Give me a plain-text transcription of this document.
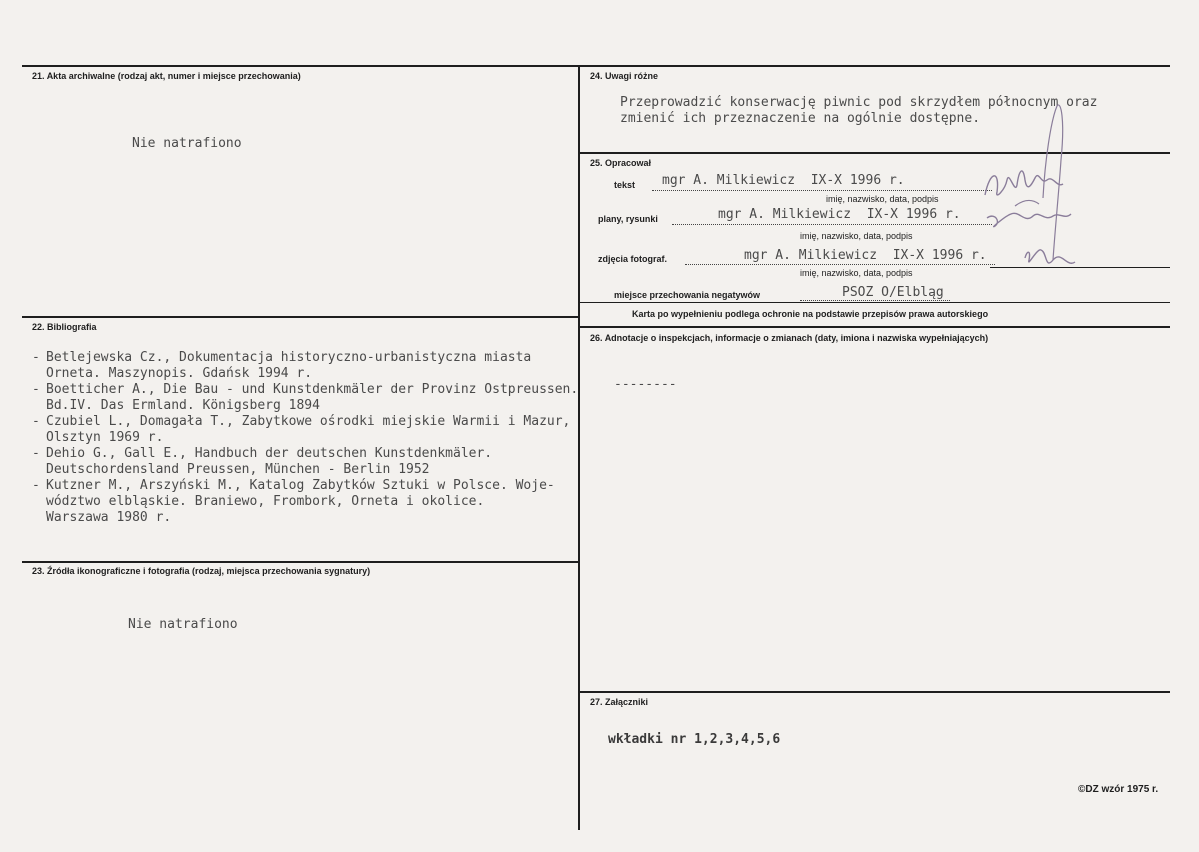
21. Akta archiwalne (rodzaj akt, numer i miejsce przechowania)
Nie natrafiono
22. Bibliografia
- Betlejewska Cz., Dokumentacja historyczno-urbanistyczna miasta
Orneta. Maszynopis. Gdańsk 1994 r.
- Boetticher A., Die Bau - und Kunstdenkmäler der Provinz Ostpreussen.
Bd.IV. Das Ermland. Königsberg 1894
- Czubiel L., Domagała T., Zabytkowe ośrodki miejskie Warmii i Mazur,
Olsztyn 1969 r.
- Dehio G., Gall E., Handbuch der deutschen Kunstdenkmäler.
Deutschordensland Preussen, München - Berlin 1952
- Kutzner M., Arszyński M., Katalog Zabytków Sztuki w Polsce. Woje-
wództwo elbląskie. Braniewo, Frombork, Orneta i okolice.
Warszawa 1980 r.
23. Źródła ikonograficzne i fotografia (rodzaj, miejsca przechowania sygnatury)
Nie natrafiono
24. Uwagi różne
Przeprowadzić konserwację piwnic pod skrzydłem północnym oraz
zmienić ich przeznaczenie na ogólnie dostępne.
25. Opracował
tekst mgr A. Milkiewicz  IX-X 1996 r.
imię, nazwisko, data, podpis
plany, rysunki	mgr A. Milkiewicz  IX-X 1996 r.
imię, nazwisko, data, podpis
zdjęcia fotograf.	mgr A. Milkiewicz  IX-X 1996 r.
imię, nazwisko, data, podpis
miejsce przechowania negatywów	PSOZ O/Elbląg
Karta po wypełnieniu podlega ochronie na podstawie przepisów prawa autorskiego
26. Adnotacje o inspekcjach, informacje o zmianach (daty, imiona i nazwiska wypełniających)
--------
27. Załączniki
wkładki nr 1,2,3,4,5,6
©DZ wzór 1975 r.
